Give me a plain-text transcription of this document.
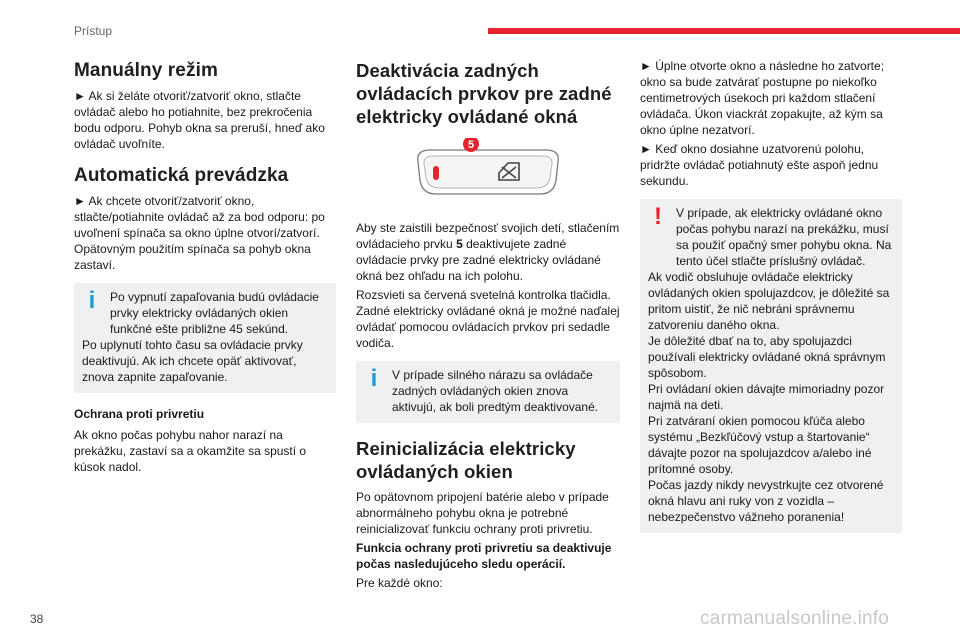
Prístup
Manuálny režim

► Ak si želáte otvoriť/zatvoriť okno, stlačte ovládač alebo ho potiahnite, bez prekročenia bodu odporu. Pohyb okna sa preruší, hneď ako ovládač uvoľníte.

Automatická prevádzka

► Ak chcete otvoriť/zatvoriť okno, stlačte/potiahnite ovládač až za bod odporu: po uvoľnení spínača sa okno úplne otvorí/zatvorí. Opätovným použitím spínača sa pohyb okna zastaví.

i	Po vypnutí zapaľovania budú ovládacie prvky elektricky ovládaných okien funkčné ešte približne 45 sekúnd.

Po uplynutí tohto času sa ovládacie prvky deaktivujú. Ak ich chcete opäť aktivovať, znova zapnite zapaľovanie.

Ochrana proti privretiu

Ak okno počas pohybu nahor narazí na prekážku, zastaví sa a okamžite sa spustí o kúsok nadol.

Deaktivácia zadných ovládacích prvkov pre zadné elektricky ovládané okná
5

Aby ste zaistili bezpečnosť svojich detí, stlačením ovládacieho prvku 5 deaktivujete zadné ovládacie prvky pre zadné elektricky ovládané okná bez ohľadu na ich polohu.

Rozsvieti sa červená svetelná kontrolka tlačidla. Zadné elektricky ovládané okná je možné naďalej ovládať pomocou ovládacích prvkov pri sedadle vodiča.

i	V prípade silného nárazu sa ovládače zadných ovládaných okien znova aktivujú, ak boli predtým deaktivované.

Reinicializácia elektricky ovládaných okien

Po opätovnom pripojení batérie alebo v prípade abnormálneho pohybu okna je potrebné reinicializovať funkciu ochrany proti privretiu.

Funkcia ochrany proti privretiu sa deaktivuje počas nasledujúceho sledu operácií.

Pre každé okno:

► Úplne otvorte okno a následne ho zatvorte; okno sa bude zatvárať postupne po niekoľko centimetrových úsekoch pri každom stlačení ovládača. Úkon viackrát zopakujte, až kým sa okno úplne nezatvorí.

► Keď okno dosiahne uzatvorenú polohu, pridržte ovládač potiahnutý ešte aspoň jednu sekundu.

!	V prípade, ak elektricky ovládané okno počas pohybu narazí na prekážku, musí sa použiť opačný smer pohybu okna. Na tento účel stlačte príslušný ovládač.

Ak vodič obsluhuje ovládače elektricky ovládaných okien spolujazdcov, je dôležité sa pritom uistiť, že nič nebráni správnemu zatvoreniu daného okna.

Je dôležité dbať na to, aby spolujazdci používali elektricky ovládané okná správnym spôsobom.

Pri ovládaní okien dávajte mimoriadny pozor najmä na deti.

Pri zatváraní okien pomocou kľúča alebo systému „Bezkľúčový vstup a štartovanie“ dávajte pozor na spolujazdcov a/alebo iné prítomné osoby.

Počas jazdy nikdy nevystrkujte cez otvorené okná hlavu ani ruky von z vozidla – nebezpečenstvo vážneho poranenia!

38	carmanualsonline.info
